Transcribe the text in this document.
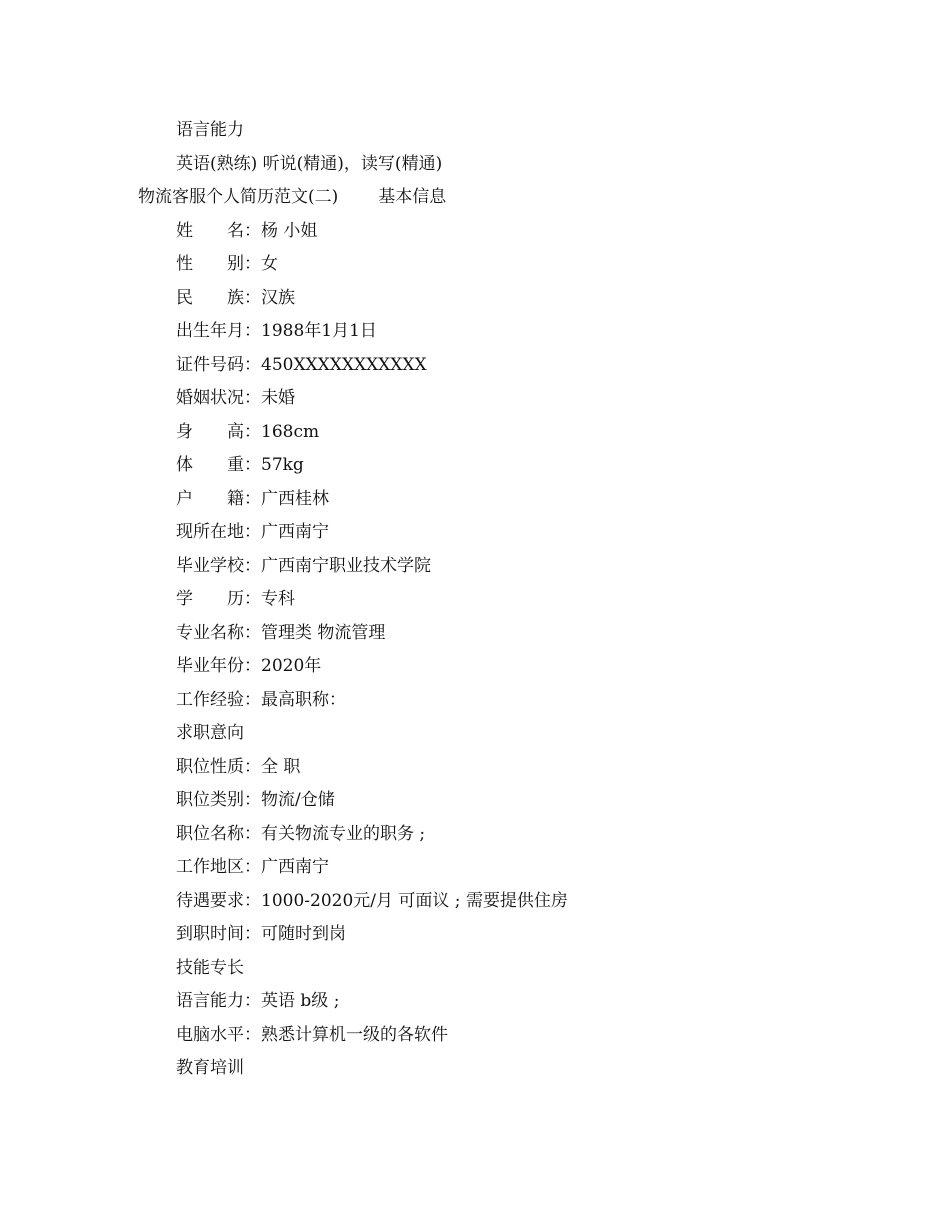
语言能力
英语(熟练) 听说(精通)，读写(精通)
物流客服个人简历范文(二) 基本信息
姓　　名：杨 小姐
性　　别：女
民　　族：汉族
出生年月：1988年1月1日
证件号码：450XXXXXXXXXXX
婚姻状况：未婚
身　　高：168cm
体　　重：57kg
户　　籍：广西桂林
现所在地：广西南宁
毕业学校：广西南宁职业技术学院
学　　历：专科
专业名称：管理类 物流管理
毕业年份：2020年
工作经验：最高职称：
求职意向
职位性质：全 职
职位类别：物流/仓储
职位名称：有关物流专业的职务 ;
工作地区：广西南宁
待遇要求：1000-2020元/月 可面议 ; 需要提供住房
到职时间：可随时到岗
技能专长
语言能力：英语 b级 ;
电脑水平：熟悉计算机一级的各软件
教育培训
